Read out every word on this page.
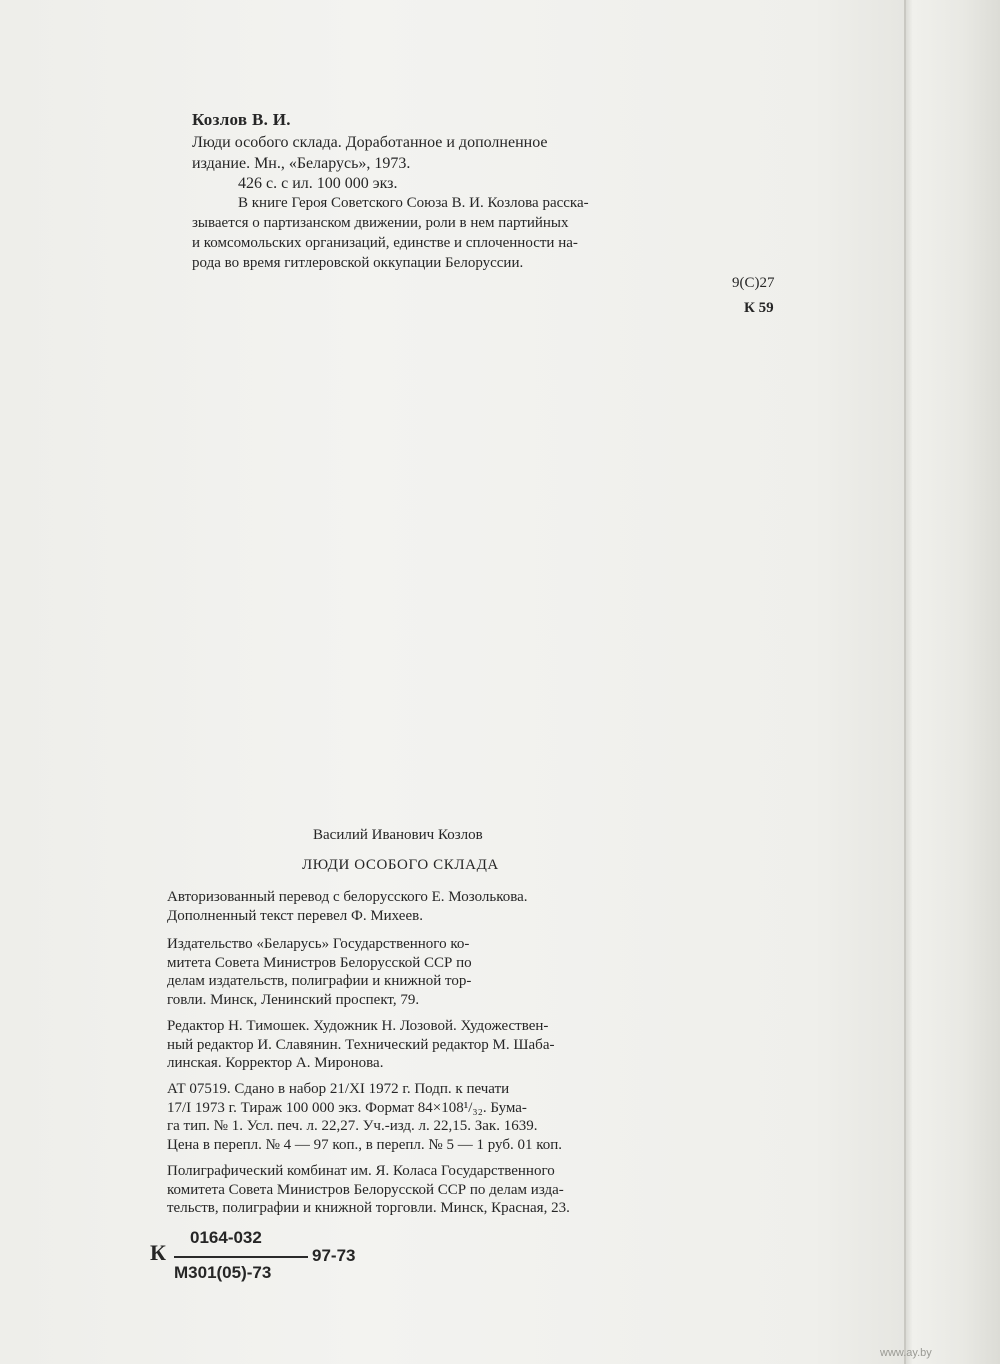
Козлов В. И.
Люди особого склада. Доработанное и дополненное
издание. Мн., «Беларусь», 1973.
426 с. с ил. 100 000 экз.
В книге Героя Советского Союза В. И. Козлова расска-
зывается о партизанском движении, роли в нем партийных
и комсомольских организаций, единстве и сплоченности на-
рода во время гитлеровской оккупации Белоруссии.
9(С)27
К 59
Василий Иванович Козлов
ЛЮДИ ОСОБОГО СКЛАДА
Авторизованный перевод с белорусского Е. Мозолькова.
Дополненный текст перевел Ф. Михеев.
Издательство «Беларусь» Государственного ко-
митета Совета Министров Белорусской ССР по
делам издательств, полиграфии и книжной тор-
говли. Минск, Ленинский проспект, 79.
Редактор Н. Тимошек. Художник Н. Лозовой. Художествен-
ный редактор И. Славянин. Технический редактор М. Шаба-
линская. Корректор А. Миронова.
АТ 07519. Сдано в набор 21/XI 1972 г. Подп. к печати
17/I 1973 г. Тираж 100 000 экз. Формат 84×108¹/₃₂. Бума-
га тип. № 1. Усл. печ. л. 22,27. Уч.-изд. л. 22,15. Зак. 1639.
Цена в перепл. № 4 — 97 коп., в перепл. № 5 — 1 руб. 01 коп.
Полиграфический комбинат им. Я. Коласа Государственного
комитета Совета Министров Белорусской ССР по делам изда-
тельств, полиграфии и книжной торговли. Минск, Красная, 23.
К
0164-032
М301(05)-73
97-73
www.ay.by
